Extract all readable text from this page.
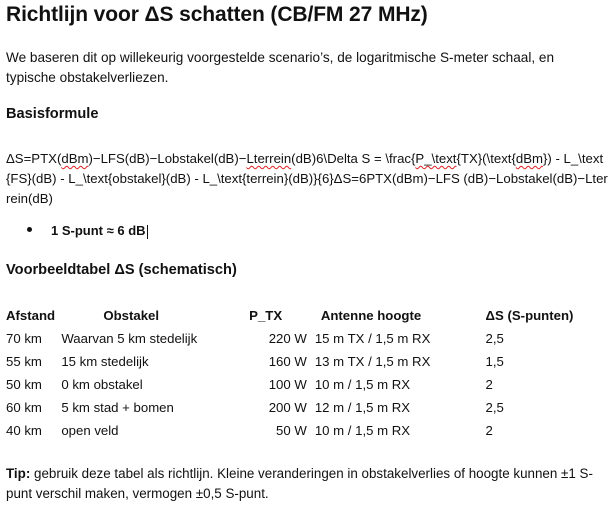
Richtlijn voor ΔS schatten (CB/FM 27 MHz)

We baseren dit op willekeurig voorgestelde scenario’s, de logaritmische S-meter schaal, en typische obstakelverliezen.

Basisformule

ΔS=PTX(dBm)−LFS(dB)−Lobstakel(dB)−Lterrein(dB)6\Delta S = \frac{P_\text{TX}(\text{dBm}) - L_\text{FS}(dB) - L_\text{obstakel}(dB) - L_\text{terrein}(dB)}{6}ΔS=6PTX(dBm)−LFS (dB)−Lobstakel(dB)−Lterrein(dB)

1 S-punt ≈ 6 dB
Voorbeeldtabel ΔS (schematisch)
Afstand	Obstakel	P_TX	Antenne hoogte	ΔS (S-punten)
70 km	Waarvan 5 km stedelijk	220 W	15 m TX / 1,5 m RX	2,5
55 km	15 km stedelijk	160 W	13 m TX / 1,5 m RX	1,5
50 km	0 km obstakel	100 W	10 m / 1,5 m RX	2
60 km	5 km stad + bomen	200 W	12 m / 1,5 m RX	2,5
40 km	open veld	50 W	10 m / 1,5 m RX	2

Tip: gebruik deze tabel als richtlijn. Kleine veranderingen in obstakelverlies of hoogte kunnen ±1 S-punt verschil maken, vermogen ±0,5 S-punt.
